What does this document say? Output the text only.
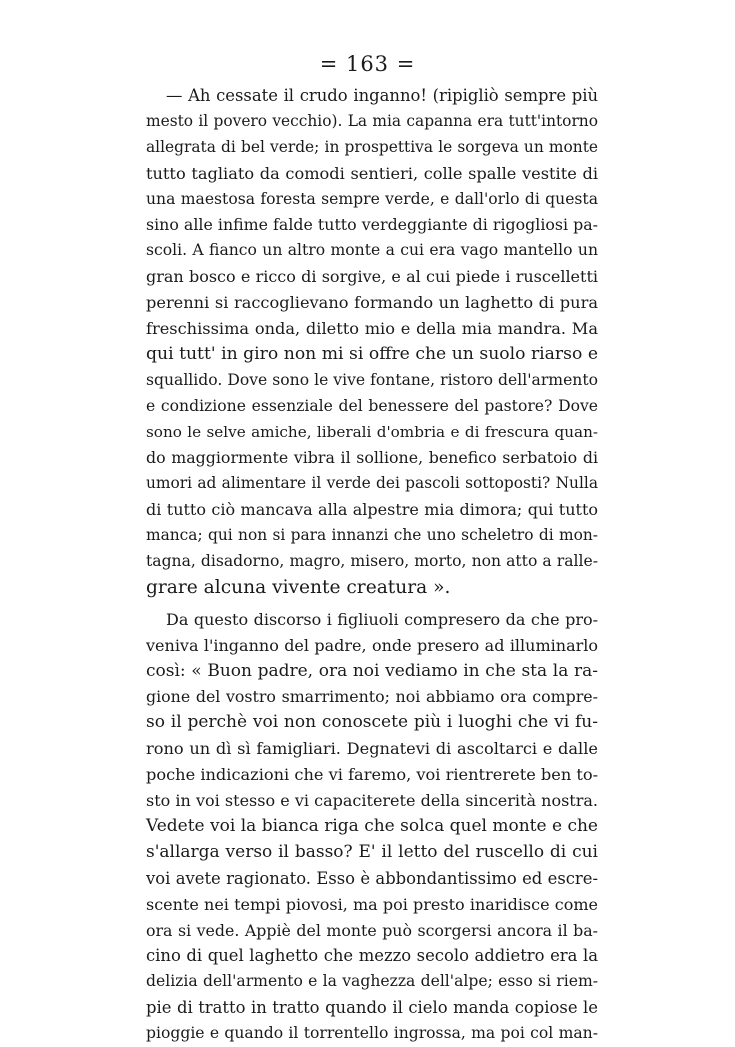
= 163 =
— Ah cessate il crudo inganno! (ripigliò sempre più
mesto il povero vecchio). La mia capanna era tutt'intorno
allegrata di bel verde; in prospettiva le sorgeva un monte
tutto tagliato da comodi sentieri, colle spalle vestite di
una maestosa foresta sempre verde, e dall'orlo di questa
sino alle infime falde tutto verdeggiante di rigogliosi pa-
scoli. A fianco un altro monte a cui era vago mantello un
gran bosco e ricco di sorgive, e al cui piede i ruscelletti
perenni si raccoglievano formando un laghetto di pura
freschissima onda, diletto mio e della mia mandra. Ma
qui tutt' in giro non mi si offre che un suolo riarso e
squallido. Dove sono le vive fontane, ristoro dell'armento
e condizione essenziale del benessere del pastore? Dove
sono le selve amiche, liberali d'ombria e di frescura quan-
do maggiormente vibra il sollione, benefico serbatoio di
umori ad alimentare il verde dei pascoli sottoposti? Nulla
di tutto ciò mancava alla alpestre mia dimora; qui tutto
manca; qui non si para innanzi che uno scheletro di mon-
tagna, disadorno, magro, misero, morto, non atto a ralle-
grare alcuna vivente creatura ».
Da questo discorso i figliuoli compresero da che pro-
veniva l'inganno del padre, onde presero ad illuminarlo
così: « Buon padre, ora noi vediamo in che sta la ra-
gione del vostro smarrimento; noi abbiamo ora compre-
so il perchè voi non conoscete più i luoghi che vi fu-
rono un dì sì famigliari. Degnatevi di ascoltarci e dalle
poche indicazioni che vi faremo, voi rientrerete ben to-
sto in voi stesso e vi capaciterete della sincerità nostra.
Vedete voi la bianca riga che solca quel monte e che
s'allarga verso il basso? E' il letto del ruscello di cui
voi avete ragionato. Esso è abbondantissimo ed escre-
scente nei tempi piovosi, ma poi presto inaridisce come
ora si vede. Appiè del monte può scorgersi ancora il ba-
cino di quel laghetto che mezzo secolo addietro era la
delizia dell'armento e la vaghezza dell'alpe; esso si riem-
pie di tratto in tratto quando il cielo manda copiose le
pioggie e quando il torrentello ingrossa, ma poi col man-
